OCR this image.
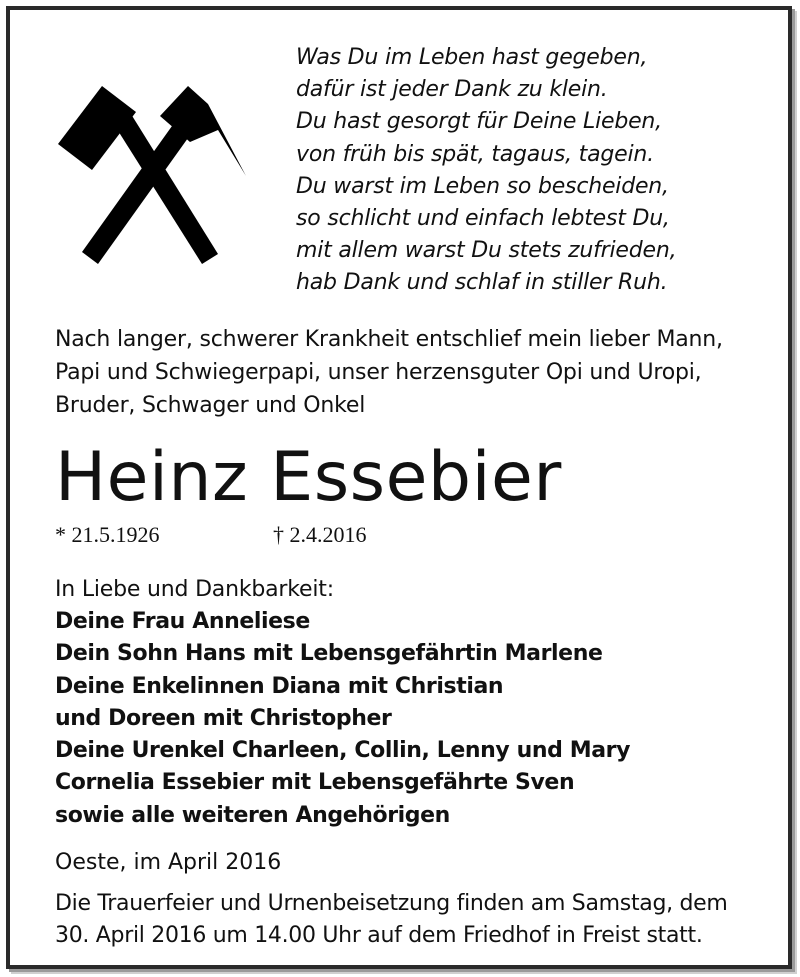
Was Du im Leben hast gegeben,
dafür ist jeder Dank zu klein.
Du hast gesorgt für Deine Lieben,
von früh bis spät, tagaus, tagein.
Du warst im Leben so bescheiden,
so schlicht und einfach lebtest Du,
mit allem warst Du stets zufrieden,
hab Dank und schlaf in stiller Ruh.

Nach langer, schwerer Krankheit entschlief mein lieber Mann,
Papi und Schwiegerpapi, unser herzensguter Opi und Uropi,
Bruder, Schwager und Onkel

Heinz Essebier
* 21.5.1926	† 2.4.2016
In Liebe und Dankbarkeit:
Deine Frau Anneliese
Dein Sohn Hans mit Lebensgefährtin Marlene
Deine Enkelinnen Diana mit Christian
und Doreen mit Christopher
Deine Urenkel Charleen, Collin, Lenny und Mary
Cornelia Essebier mit Lebensgefährte Sven
sowie alle weiteren Angehörigen
Oeste, im April 2016

Die Trauerfeier und Urnenbeisetzung finden am Samstag, dem
30. April 2016 um 14.00 Uhr auf dem Friedhof in Freist statt.
